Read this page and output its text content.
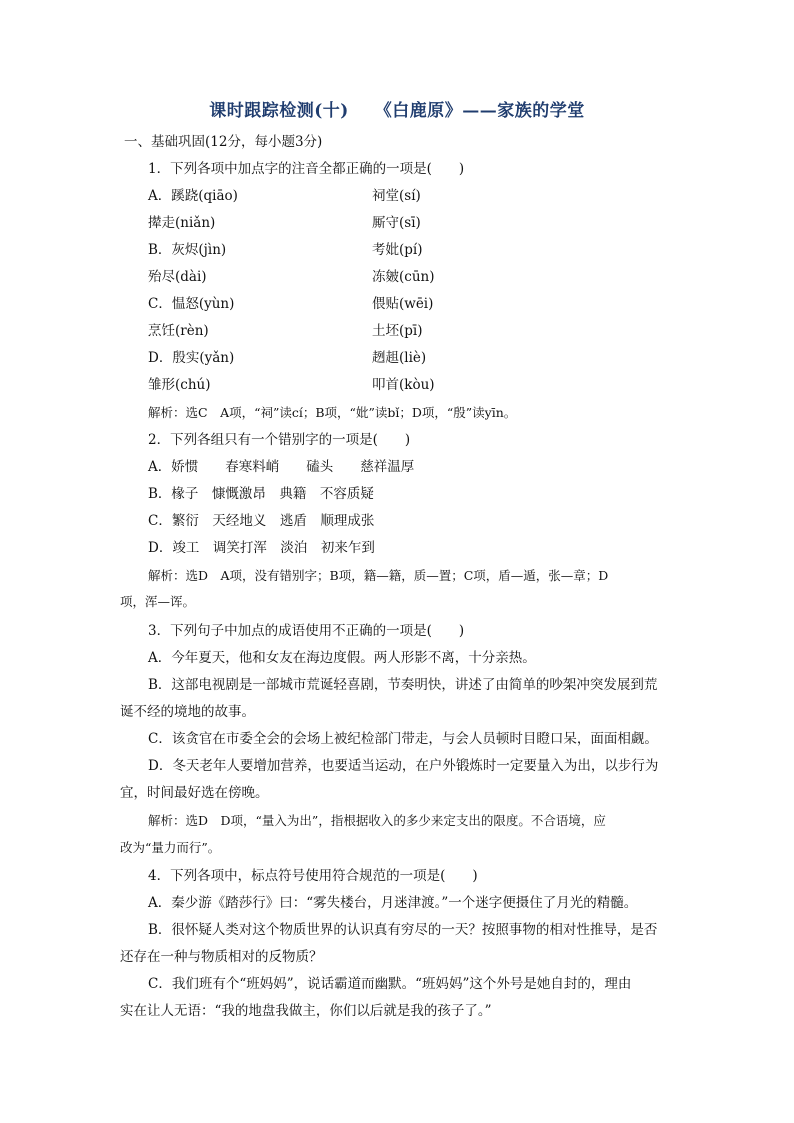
课时跟踪检测(十) 《白鹿原》——家族的学堂
一、基础巩固(12分，每小题3分)
1．下列各项中加点字的注音全都正确的一项是(　　)
A．蹊跷(qiāo)	祠堂(sí)
撵走(niǎn)	厮守(sī)
B．灰烬(jìn)	考妣(pí)
殆尽(dài)	冻皴(cūn)
C．愠怒(yùn)	偎贴(wēi)
烹饪(rèn)	土坯(pī)
D．殷实(yǎn)	趔趄(liè)
雏形(chú)	叩首(kòu)
解析：选C　A项，“祠”读cí；B项，“妣”读bǐ；D项，“殷”读yīn。
2．下列各组只有一个错别字的一项是(　　)
A．娇惯　　春寒料峭　　磕头　　慈祥温厚
B．椽子　慷慨激昂　典籍　不容质疑
C．繁衍　天经地义　逃盾　顺理成张
D．竣工　调笑打浑　淡泊　初来乍到
解析：选D　A项，没有错别字；B项，籍—籍，质—置；C项，盾—遁，张—章；D
项，浑—诨。
3．下列句子中加点的成语使用不正确的一项是(　　)
A．今年夏天，他和女友在海边度假。两人形影不离，十分亲热。
B．这部电视剧是一部城市荒诞轻喜剧，节奏明快，讲述了由简单的吵架冲突发展到荒
诞不经的境地的故事。
C．该贪官在市委全会的会场上被纪检部门带走，与会人员顿时目瞪口呆，面面相觑。
D．冬天老年人要增加营养，也要适当运动，在户外锻炼时一定要量入为出，以步行为
宜，时间最好选在傍晚。
解析：选D　D项，“量入为出”，指根据收入的多少来定支出的限度。不合语境，应
改为“量力而行”。
4．下列各项中，标点符号使用符合规范的一项是(　　)
A．秦少游《踏莎行》曰：“雾失楼台，月迷津渡。”一个迷字便摄住了月光的精髓。
B．很怀疑人类对这个物质世界的认识真有穷尽的一天？按照事物的相对性推导，是否
还存在一种与物质相对的反物质？
C．我们班有个“班妈妈”，说话霸道而幽默。“班妈妈”这个外号是她自封的，理由
实在让人无语：“我的地盘我做主，你们以后就是我的孩子了。”
